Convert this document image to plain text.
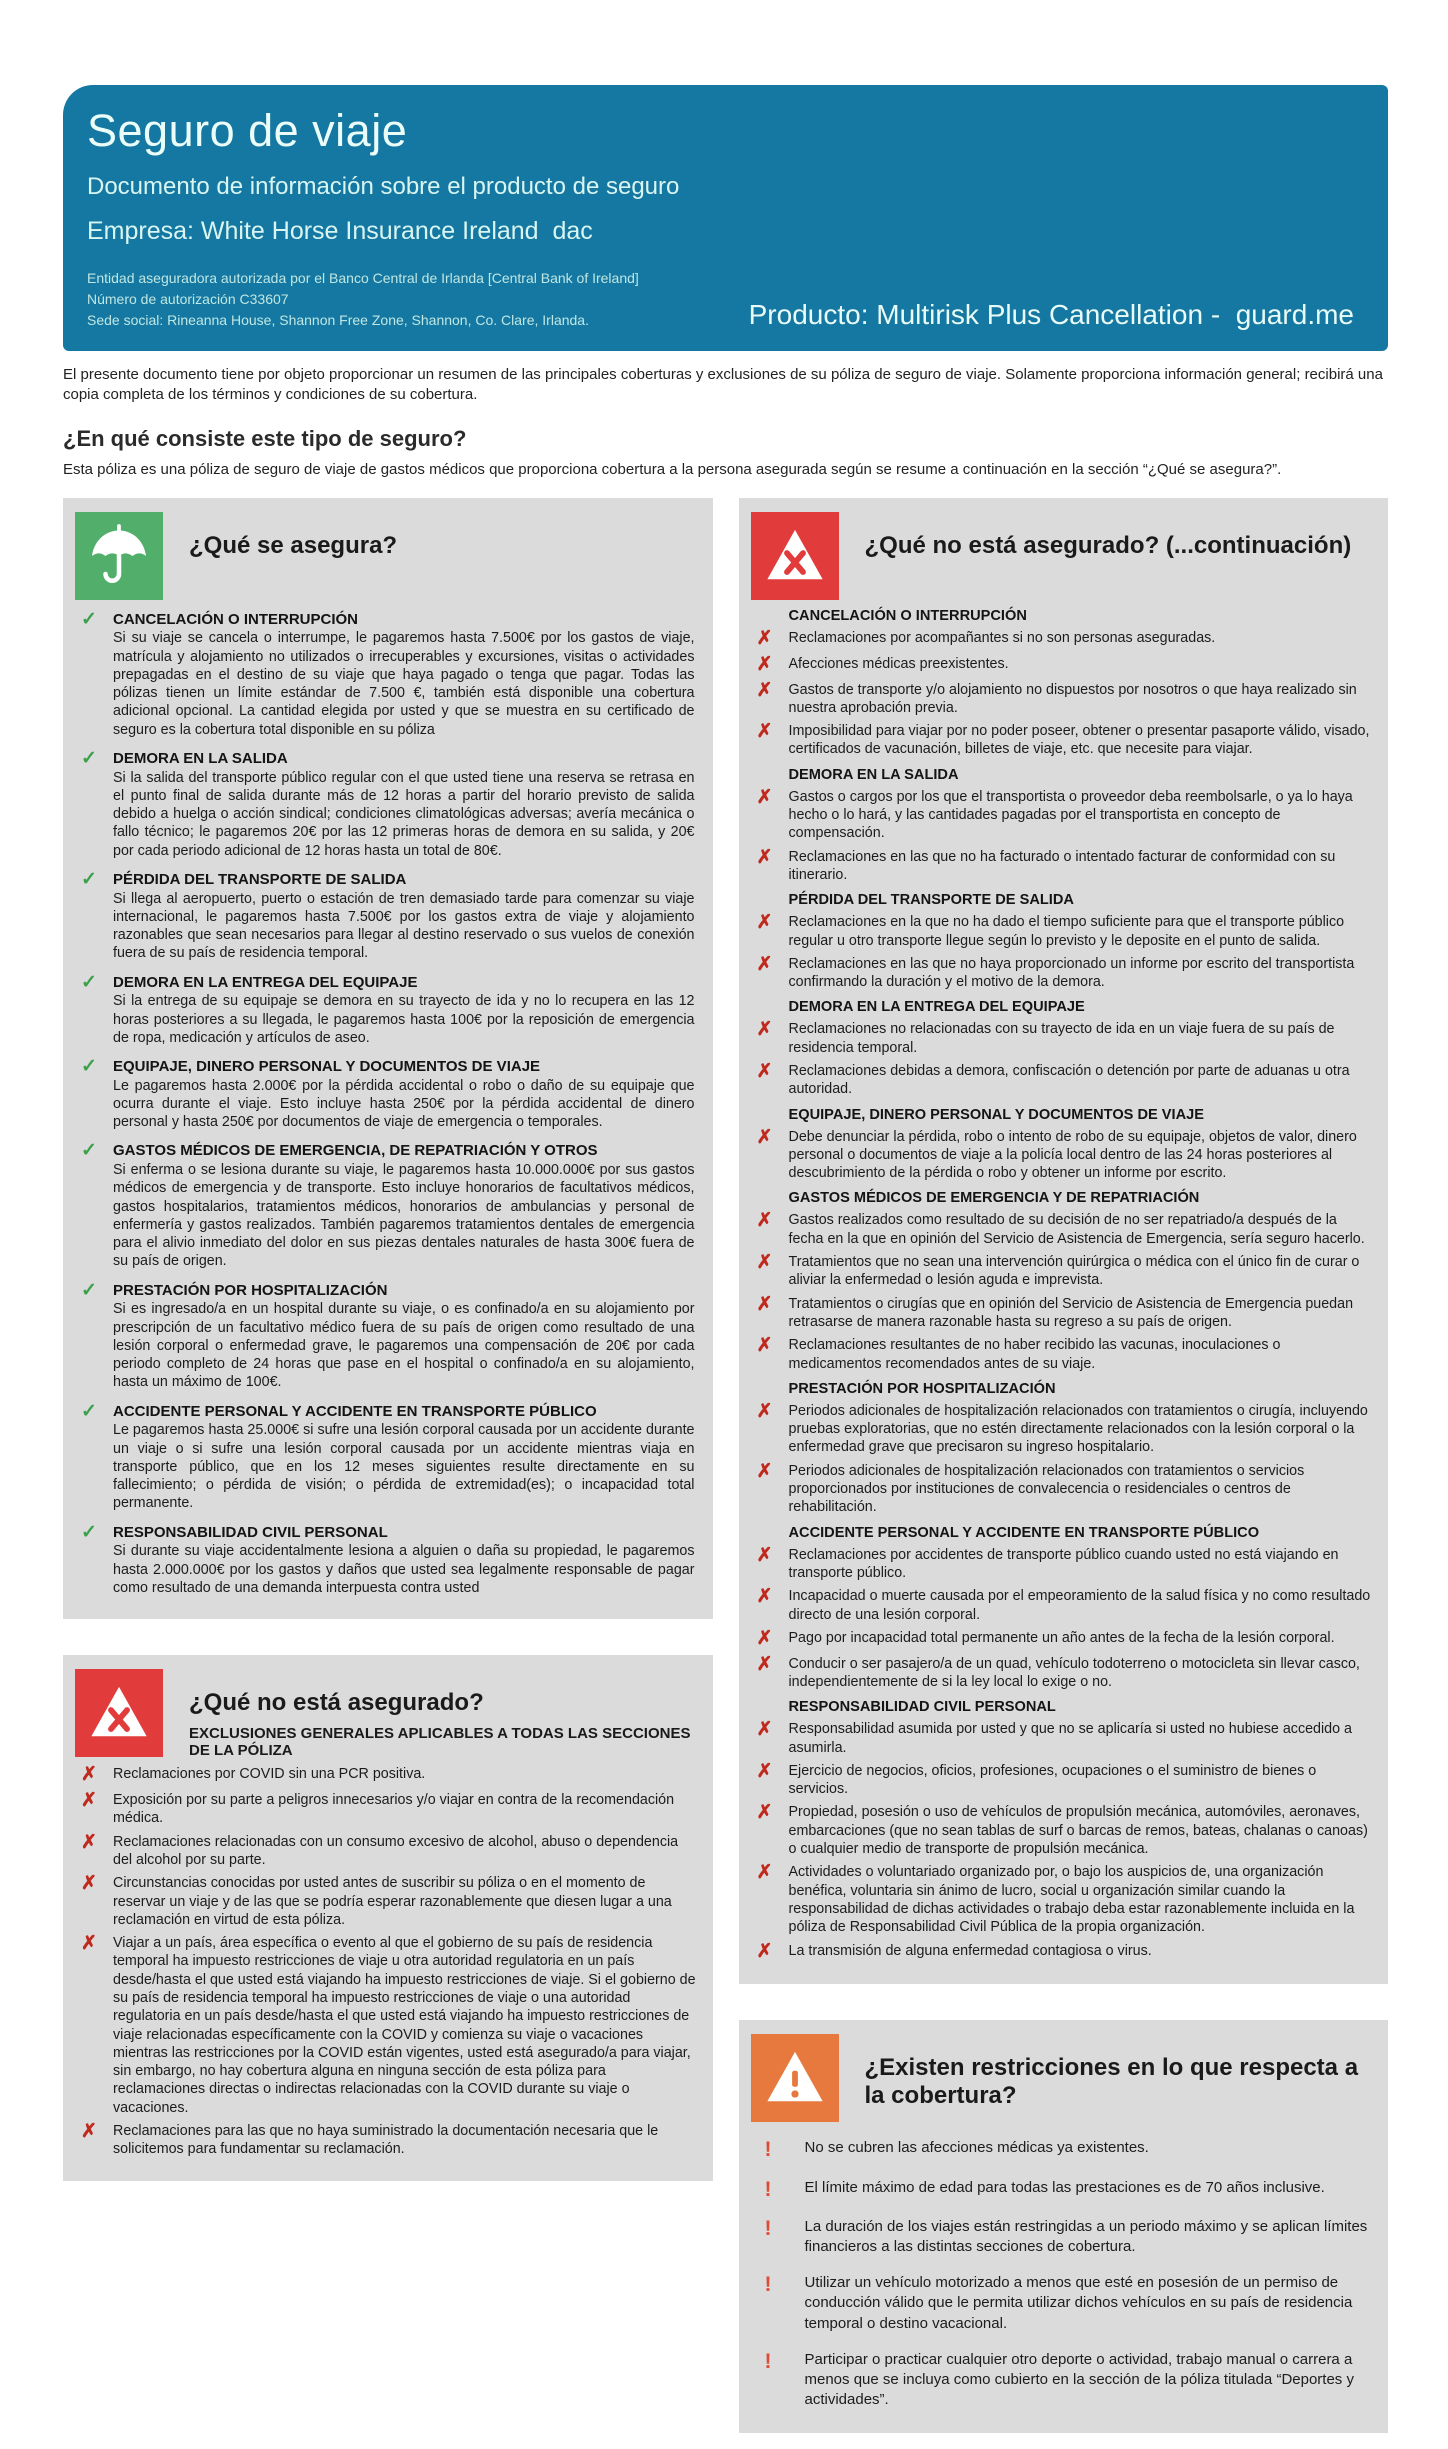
Seguro de viaje
Documento de información sobre el producto de seguro
Empresa: White Horse Insurance Ireland  dac
Entidad aseguradora autorizada por el Banco Central de Irlanda [Central Bank of Ireland]
Número de autorización C33607
Sede social: Rineanna House, Shannon Free Zone, Shannon, Co. Clare, Irlanda.	Producto: Multirisk Plus Cancellation -  guard.me

El presente documento tiene por objeto proporcionar un resumen de las principales coberturas y exclusiones de su póliza de seguro de viaje. Solamente proporciona información general; recibirá una copia completa de los términos y condiciones de su cobertura.

¿En qué consiste este tipo de seguro?

Esta póliza es una póliza de seguro de viaje de gastos médicos que proporciona cobertura a la persona asegurada según se resume a continuación en la sección “¿Qué se asegura?”.

¿Qué se asegura?
✓	CANCELACIÓN O INTERRUPCIÓN
Si su viaje se cancela o interrumpe, le pagaremos hasta 7.500€ por los gastos de viaje, matrícula y alojamiento no utilizados o irrecuperables y excursiones, visitas o actividades prepagadas en el destino de su viaje que haya pagado o tenga que pagar. Todas las pólizas tienen un límite estándar de 7.500 €, también está disponible una cobertura adicional opcional. La cantidad elegida por usted y que se muestra en su certificado de seguro es la cobertura total disponible en su póliza
✓	DEMORA EN LA SALIDA
Si la salida del transporte público regular con el que usted tiene una reserva se retrasa en el punto final de salida durante más de 12 horas a partir del horario previsto de salida debido a huelga o acción sindical; condiciones climatológicas adversas; avería mecánica o fallo técnico; le pagaremos 20€ por las 12 primeras horas de demora en su salida, y 20€ por cada periodo adicional de 12 horas hasta un total de 80€.
✓	PÉRDIDA DEL TRANSPORTE DE SALIDA
Si llega al aeropuerto, puerto o estación de tren demasiado tarde para comenzar su viaje internacional, le pagaremos hasta 7.500€ por los gastos extra de viaje y alojamiento razonables que sean necesarios para llegar al destino reservado o sus vuelos de conexión fuera de su país de residencia temporal.
✓	DEMORA EN LA ENTREGA DEL EQUIPAJE
Si la entrega de su equipaje se demora en su trayecto de ida y no lo recupera en las 12 horas posteriores a su llegada, le pagaremos hasta 100€ por la reposición de emergencia de ropa, medicación y artículos de aseo.
✓	EQUIPAJE, DINERO PERSONAL Y DOCUMENTOS DE VIAJE
Le pagaremos hasta 2.000€ por la pérdida accidental o robo o daño de su equipaje que ocurra durante el viaje. Esto incluye hasta 250€ por la pérdida accidental de dinero personal y hasta 250€ por documentos de viaje de emergencia o temporales.
✓	GASTOS MÉDICOS DE EMERGENCIA, DE REPATRIACIÓN Y OTROS
Si enferma o se lesiona durante su viaje, le pagaremos hasta 10.000.000€ por sus gastos médicos de emergencia y de transporte. Esto incluye honorarios de facultativos médicos, gastos hospitalarios, tratamientos médicos, honorarios de ambulancias y personal de enfermería y gastos realizados. También pagaremos tratamientos dentales de emergencia para el alivio inmediato del dolor en sus piezas dentales naturales de hasta 300€ fuera de su país de origen.
✓	PRESTACIÓN POR HOSPITALIZACIÓN
Si es ingresado/a en un hospital durante su viaje, o es confinado/a en su alojamiento por prescripción de un facultativo médico fuera de su país de origen como resultado de una lesión corporal o enfermedad grave, le pagaremos una compensación de 20€ por cada periodo completo de 24 horas que pase en el hospital o confinado/a en su alojamiento, hasta un máximo de 100€.
✓	ACCIDENTE PERSONAL Y ACCIDENTE EN TRANSPORTE PÚBLICO
Le pagaremos hasta 25.000€ si sufre una lesión corporal causada por un accidente durante un viaje o si sufre una lesión corporal causada por un accidente mientras viaja en transporte público, que en los 12 meses siguientes resulte directamente en su fallecimiento; o pérdida de visión; o pérdida de extremidad(es); o incapacidad total permanente.
✓	RESPONSABILIDAD CIVIL PERSONAL
Si durante su viaje accidentalmente lesiona a alguien o daña su propiedad, le pagaremos hasta 2.000.000€ por los gastos y daños que usted sea legalmente responsable de pagar como resultado de una demanda interpuesta contra usted
¿Qué no está asegurado?
EXCLUSIONES GENERALES APLICABLES A TODAS LAS SECCIONES DE LA PÓLIZA
✗	Reclamaciones por COVID sin una PCR positiva.
✗	Exposición por su parte a peligros innecesarios y/o viajar en contra de la recomendación médica.
✗	Reclamaciones relacionadas con un consumo excesivo de alcohol, abuso o dependencia del alcohol por su parte.
✗	Circunstancias conocidas por usted antes de suscribir su póliza o en el momento de reservar un viaje y de las que se podría esperar razonablemente que diesen lugar a una reclamación en virtud de esta póliza.
✗	Viajar a un país, área específica o evento al que el gobierno de su país de residencia temporal ha impuesto restricciones de viaje u otra autoridad regulatoria en un país desde/hasta el que usted está viajando ha impuesto restricciones de viaje. Si el gobierno de su país de residencia temporal ha impuesto restricciones de viaje o una autoridad regulatoria en un país desde/hasta el que usted está viajando ha impuesto restricciones de viaje relacionadas específicamente con la COVID y comienza su viaje o vacaciones mientras las restricciones por la COVID están vigentes, usted está asegurado/a para viajar, sin embargo, no hay cobertura alguna en ninguna sección de esta póliza para reclamaciones directas o indirectas relacionadas con la COVID durante su viaje o vacaciones.
✗	Reclamaciones para las que no haya suministrado la documentación necesaria que le solicitemos para fundamentar su reclamación.
¿Qué no está asegurado? (...continuación)
CANCELACIÓN O INTERRUPCIÓN
✗	Reclamaciones por acompañantes si no son personas aseguradas.
✗	Afecciones médicas preexistentes.
✗	Gastos de transporte y/o alojamiento no dispuestos por nosotros o que haya realizado sin nuestra aprobación previa.
✗	Imposibilidad para viajar por no poder poseer, obtener o presentar pasaporte válido, visado, certificados de vacunación, billetes de viaje, etc. que necesite para viajar.
DEMORA EN LA SALIDA
✗	Gastos o cargos por los que el transportista o proveedor deba reembolsarle, o ya lo haya hecho o lo hará, y las cantidades pagadas por el transportista en concepto de compensación.
✗	Reclamaciones en las que no ha facturado o intentado facturar de conformidad con su itinerario.
PÉRDIDA DEL TRANSPORTE DE SALIDA
✗	Reclamaciones en la que no ha dado el tiempo suficiente para que el transporte público regular u otro transporte llegue según lo previsto y le deposite en el punto de salida.
✗	Reclamaciones en las que no haya proporcionado un informe por escrito del transportista confirmando la duración y el motivo de la demora.
DEMORA EN LA ENTREGA DEL EQUIPAJE
✗	Reclamaciones no relacionadas con su trayecto de ida en un viaje fuera de su país de residencia temporal.
✗	Reclamaciones debidas a demora, confiscación o detención por parte de aduanas u otra autoridad.
EQUIPAJE, DINERO PERSONAL Y DOCUMENTOS DE VIAJE
✗	Debe denunciar la pérdida, robo o intento de robo de su equipaje, objetos de valor, dinero personal o documentos de viaje a la policía local dentro de las 24 horas posteriores al descubrimiento de la pérdida o robo y obtener un informe por escrito.
GASTOS MÉDICOS DE EMERGENCIA Y DE REPATRIACIÓN
✗	Gastos realizados como resultado de su decisión de no ser repatriado/a después de la fecha en la que en opinión del Servicio de Asistencia de Emergencia, sería seguro hacerlo.
✗	Tratamientos que no sean una intervención quirúrgica o médica con el único fin de curar o aliviar la enfermedad o lesión aguda e imprevista.
✗	Tratamientos o cirugías que en opinión del Servicio de Asistencia de Emergencia puedan retrasarse de manera razonable hasta su regreso a su país de origen.
✗	Reclamaciones resultantes de no haber recibido las vacunas, inoculaciones o medicamentos recomendados antes de su viaje.
PRESTACIÓN POR HOSPITALIZACIÓN
✗	Periodos adicionales de hospitalización relacionados con tratamientos o cirugía, incluyendo pruebas exploratorias, que no estén directamente relacionados con la lesión corporal o la enfermedad grave que precisaron su ingreso hospitalario.
✗	Periodos adicionales de hospitalización relacionados con tratamientos o servicios proporcionados por instituciones de convalecencia o residenciales o centros de rehabilitación.
ACCIDENTE PERSONAL Y ACCIDENTE EN TRANSPORTE PÚBLICO
✗	Reclamaciones por accidentes de transporte público cuando usted no está viajando en transporte público.
✗	Incapacidad o muerte causada por el empeoramiento de la salud física y no como resultado directo de una lesión corporal.
✗	Pago por incapacidad total permanente un año antes de la fecha de la lesión corporal.
✗	Conducir o ser pasajero/a de un quad, vehículo todoterreno o motocicleta sin llevar casco, independientemente de si la ley local lo exige o no.
RESPONSABILIDAD CIVIL PERSONAL
✗	Responsabilidad asumida por usted y que no se aplicaría si usted no hubiese accedido a asumirla.
✗	Ejercicio de negocios, oficios, profesiones, ocupaciones o el suministro de bienes o servicios.
✗	Propiedad, posesión o uso de vehículos de propulsión mecánica, automóviles, aeronaves, embarcaciones (que no sean tablas de surf o barcas de remos, bateas, chalanas o canoas) o cualquier medio de transporte de propulsión mecánica.
✗	Actividades o voluntariado organizado por, o bajo los auspicios de, una organización benéfica, voluntaria sin ánimo de lucro, social u organización similar cuando la responsabilidad de dichas actividades o trabajo deba estar razonablemente incluida en la póliza de Responsabilidad Civil Pública de la propia organización.
✗	La transmisión de alguna enfermedad contagiosa o virus.
¿Existen restricciones en lo que respecta a la cobertura?
!	No se cubren las afecciones médicas ya existentes.
!	El límite máximo de edad para todas las prestaciones es de 70 años inclusive.
!	La duración de los viajes están restringidas a un periodo máximo y se aplican límites financieros a las distintas secciones de cobertura.
!	Utilizar un vehículo motorizado a menos que esté en posesión de un permiso de conducción válido que le permita utilizar dichos vehículos en su país de residencia temporal o destino vacacional.
!	Participar o practicar cualquier otro deporte o actividad, trabajo manual o carrera a menos que se incluya como cubierto en la sección de la póliza titulada “Deportes y actividades”.
